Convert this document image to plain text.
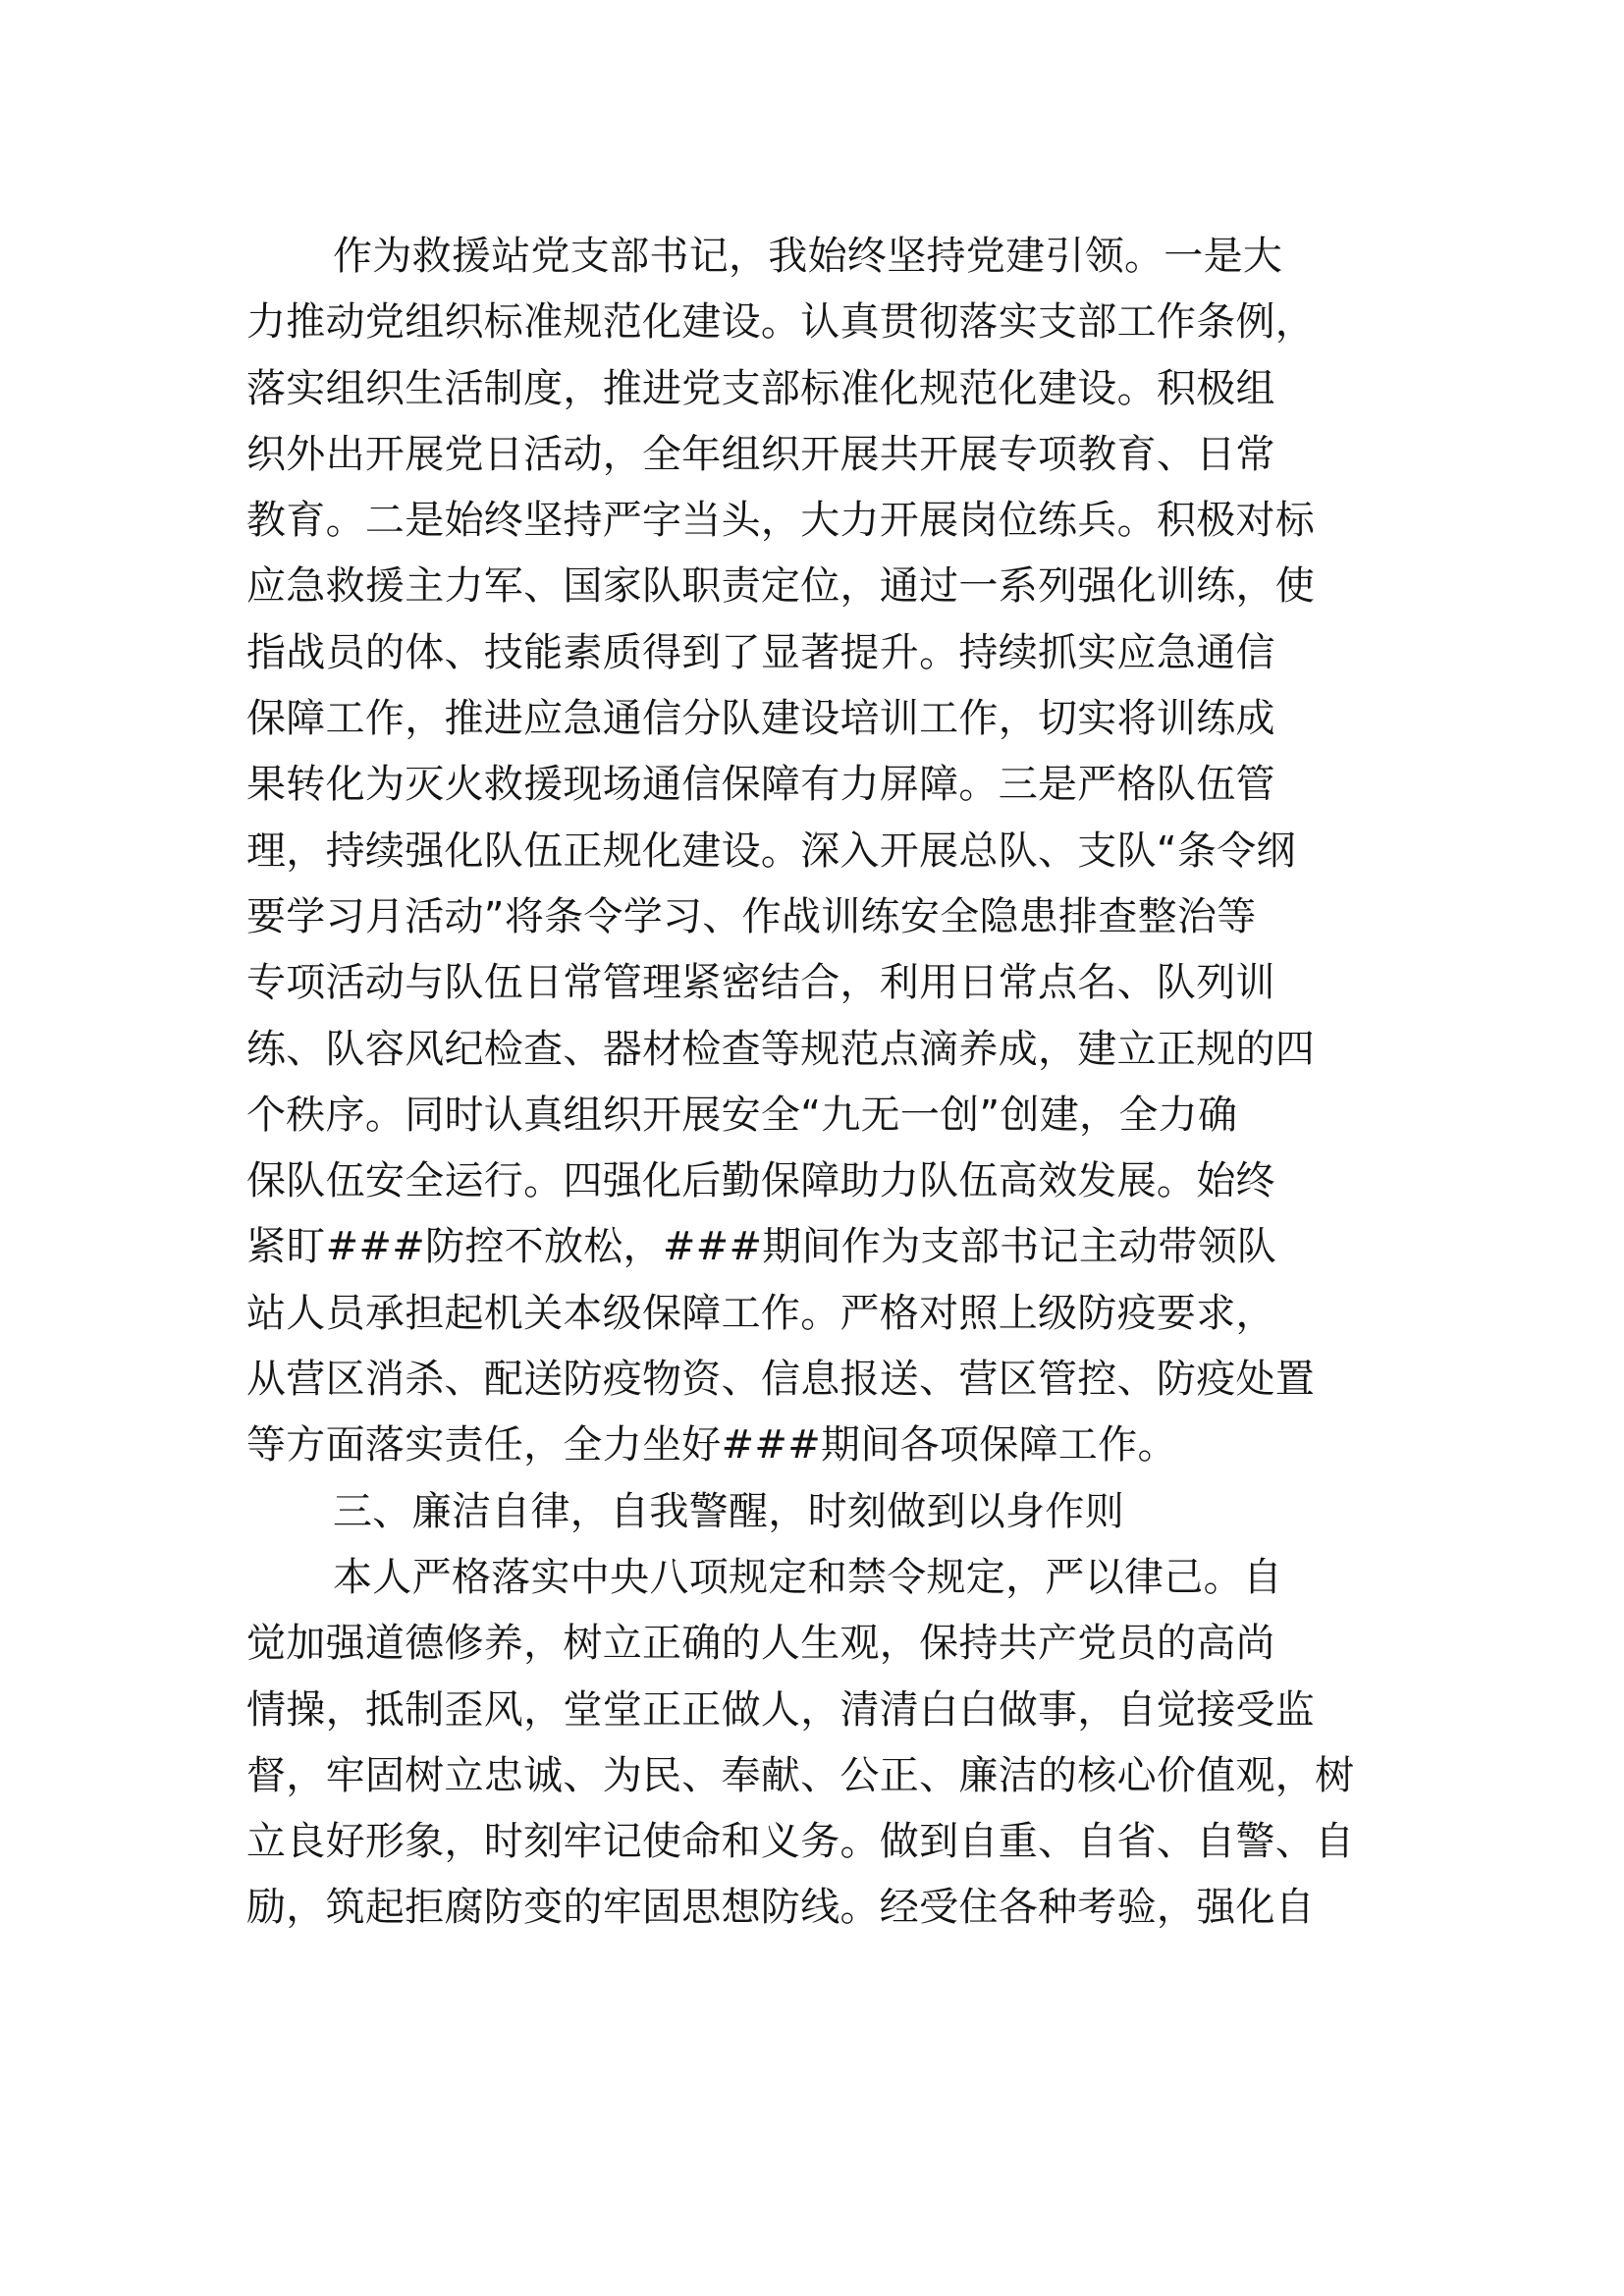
作为救援站党支部书记，我始终坚持党建引领。一是大
力推动党组织标准规范化建设。认真贯彻落实支部工作条例，
落实组织生活制度，推进党支部标准化规范化建设。积极组
织外出开展党日活动，全年组织开展共开展专项教育、日常
教育。二是始终坚持严字当头，大力开展岗位练兵。积极对标
应急救援主力军、国家队职责定位，通过一系列强化训练，使
指战员的体、技能素质得到了显著提升。持续抓实应急通信
保障工作，推进应急通信分队建设培训工作，切实将训练成
果转化为灭火救援现场通信保障有力屏障。三是严格队伍管
理，持续强化队伍正规化建设。深入开展总队、支队“条令纲
要学习月活动”将条令学习、作战训练安全隐患排查整治等
专项活动与队伍日常管理紧密结合，利用日常点名、队列训
练、队容风纪检查、器材检查等规范点滴养成，建立正规的四
个秩序。同时认真组织开展安全“九无一创”创建，全力确
保队伍安全运行。四强化后勤保障助力队伍高效发展。始终
紧盯###防控不放松，###期间作为支部书记主动带领队
站人员承担起机关本级保障工作。严格对照上级防疫要求，
从营区消杀、配送防疫物资、信息报送、营区管控、防疫处置
等方面落实责任，全力坐好###期间各项保障工作。
三、廉洁自律，自我警醒，时刻做到以身作则
本人严格落实中央八项规定和禁令规定，严以律己。自
觉加强道德修养，树立正确的人生观，保持共产党员的高尚
情操，抵制歪风，堂堂正正做人，清清白白做事，自觉接受监
督，牢固树立忠诚、为民、奉献、公正、廉洁的核心价值观，树
立良好形象，时刻牢记使命和义务。做到自重、自省、自警、自
励，筑起拒腐防变的牢固思想防线。经受住各种考验，强化自
